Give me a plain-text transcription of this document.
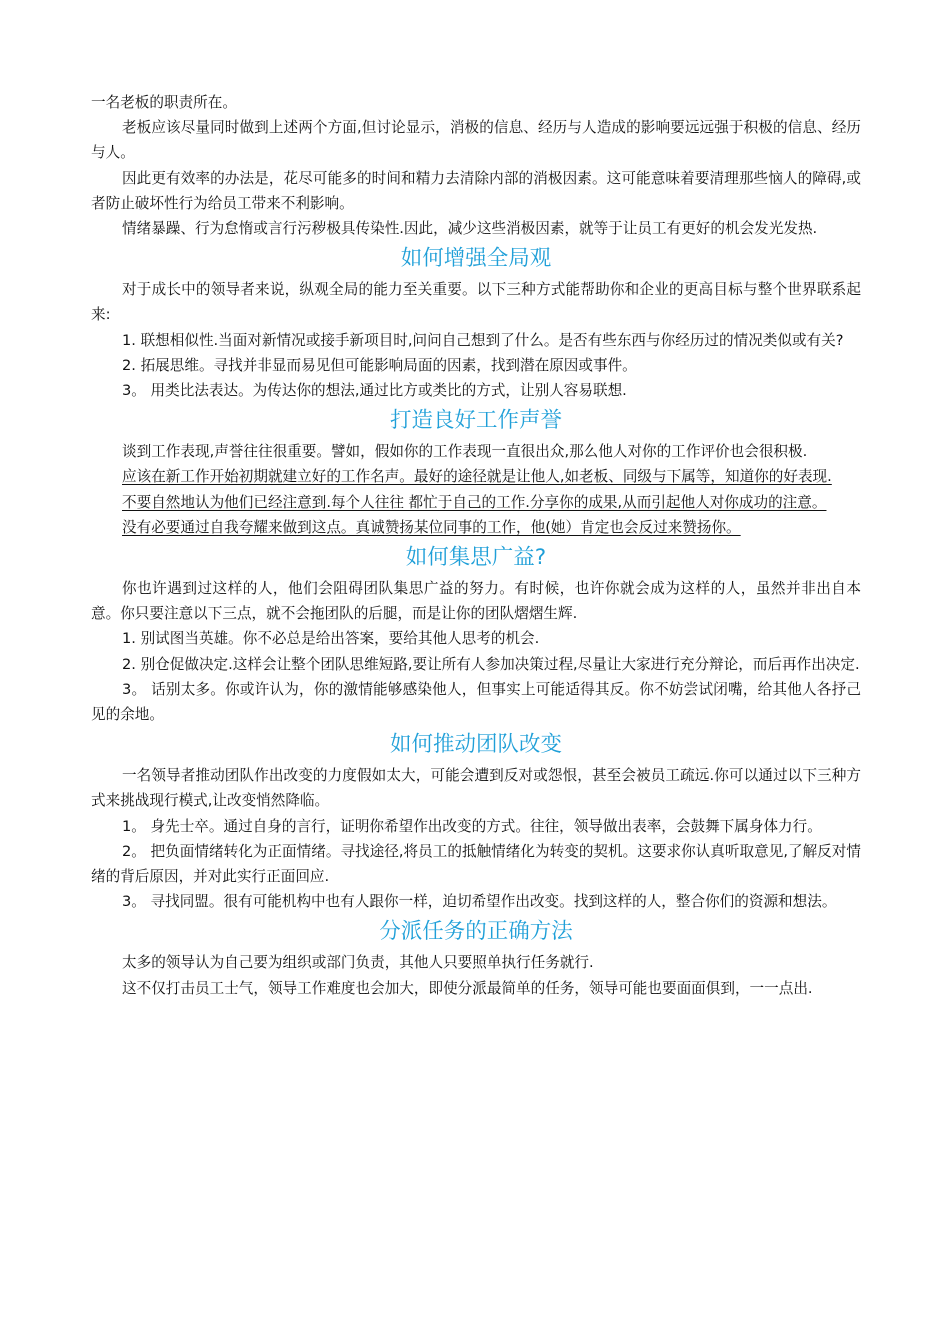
一名老板的职责所在。

老板应该尽量同时做到上述两个方面,但讨论显示，消极的信息、经历与人造成的影响要远远强于积极的信息、经历与人。

因此更有效率的办法是，花尽可能多的时间和精力去清除内部的消极因素。这可能意味着要清理那些恼人的障碍,或者防止破坏性行为给员工带来不利影响。

情绪暴躁、行为怠惰或言行污秽极具传染性.因此，减少这些消极因素，就等于让员工有更好的机会发光发热.

如何增强全局观

对于成长中的领导者来说，纵观全局的能力至关重要。以下三种方式能帮助你和企业的更高目标与整个世界联系起来:

1. 联想相似性.当面对新情况或接手新项目时,问问自己想到了什么。是否有些东西与你经历过的情况类似或有关?

2. 拓展思维。寻找并非显而易见但可能影响局面的因素，找到潜在原因或事件。

3。 用类比法表达。为传达你的想法,通过比方或类比的方式，让别人容易联想.

打造良好工作声誉

谈到工作表现,声誉往往很重要。譬如，假如你的工作表现一直很出众,那么他人对你的工作评价也会很积极.

应该在新工作开始初期就建立好的工作名声。最好的途径就是让他人,如老板、同级与下属等，知道你的好表现.

不要自然地认为他们已经注意到.每个人往往 都忙于自己的工作.分享你的成果,从而引起他人对你成功的注意。

没有必要通过自我夸耀来做到这点。真诚赞扬某位同事的工作，他(她）肯定也会反过来赞扬你。

如何集思广益?

你也许遇到过这样的人，他们会阻碍团队集思广益的努力。有时候，也许你就会成为这样的人，虽然并非出自本意。你只要注意以下三点，就不会拖团队的后腿，而是让你的团队熠熠生辉.

1. 别试图当英雄。你不必总是给出答案，要给其他人思考的机会.

2. 别仓促做决定.这样会让整个团队思维短路,要让所有人参加决策过程,尽量让大家进行充分辩论，而后再作出决定.

3。 话别太多。你或许认为，你的激情能够感染他人，但事实上可能适得其反。你不妨尝试闭嘴，给其他人各抒己见的余地。

如何推动团队改变

一名领导者推动团队作出改变的力度假如太大，可能会遭到反对或怨恨，甚至会被员工疏远.你可以通过以下三种方式来挑战现行模式,让改变悄然降临。

1。 身先士卒。通过自身的言行，证明你希望作出改变的方式。往往，领导做出表率，会鼓舞下属身体力行。

2。 把负面情绪转化为正面情绪。寻找途径,将员工的抵触情绪化为转变的契机。这要求你认真听取意见,了解反对情绪的背后原因，并对此实行正面回应.

3。 寻找同盟。很有可能机构中也有人跟你一样，迫切希望作出改变。找到这样的人，整合你们的资源和想法。

分派任务的正确方法

太多的领导认为自己要为组织或部门负责，其他人只要照单执行任务就行.

这不仅打击员工士气，领导工作难度也会加大，即使分派最简单的任务，领导可能也要面面俱到，一一点出.
